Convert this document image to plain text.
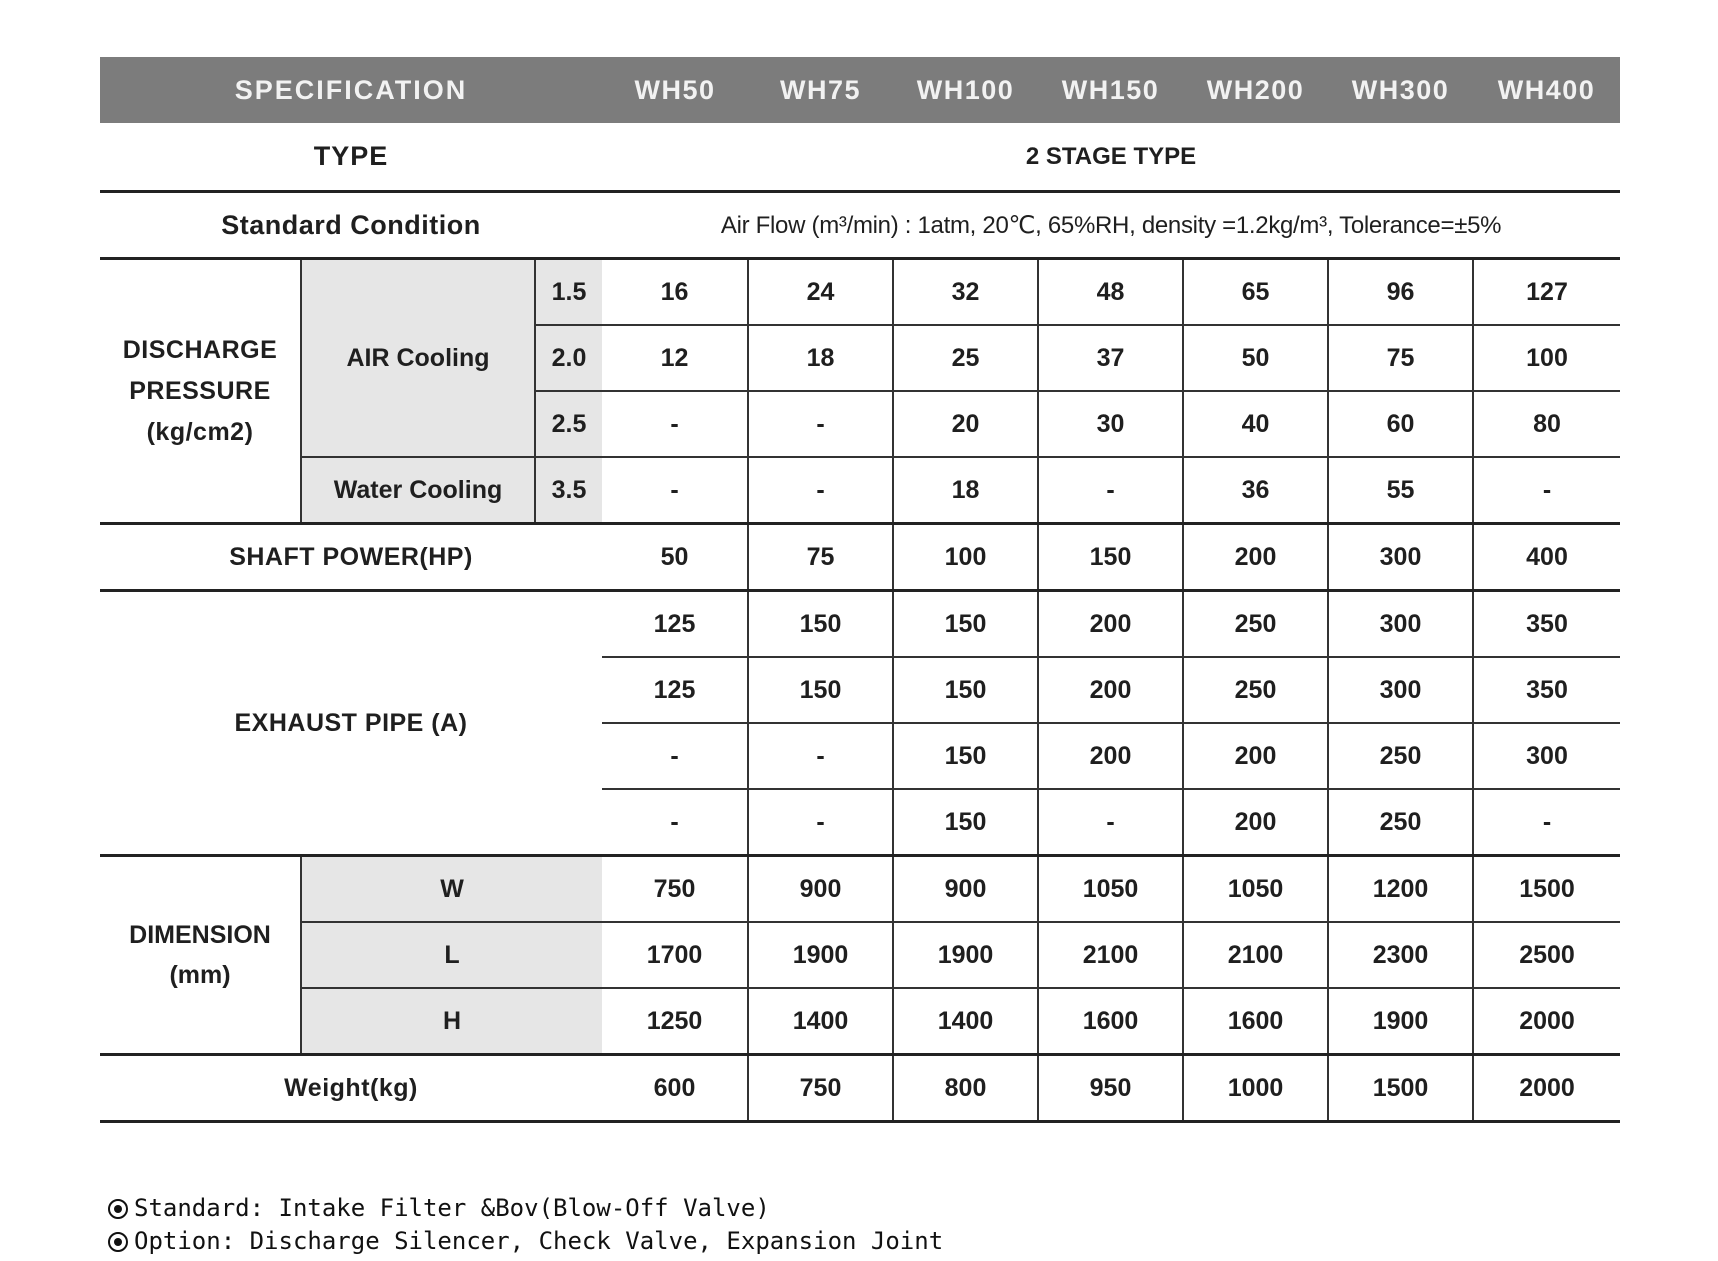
SPECIFICATION			WH50	WH75	WH100	WH150	WH200	WH300	WH400
TYPE			2 STAGE TYPE						
Standard Condition			Air Flow (m³/min) : 1atm, 20℃, 65%RH, density =1.2kg/m³, Tolerance=±5%						

DISCHARGE
PRESSURE
(kg/cm2)	AIR Cooling	1.5	16	24	32	48	65	96	127
		2.0	12	18	25	37	50	75	100
		2.5	-	-	20	30	40	60	80
	Water Cooling	3.5	-	-	18	-	36	55	-
SHAFT POWER(HP)			50	75	100	150	200	300	400
EXHAUST PIPE (A)			125	150	150	200	250	300	350
			125	150	150	200	250	300	350
			-	-	150	200	200	250	300
			-	-	150	-	200	250	-

DIMENSION
(mm)	W		750	900	900	1050	1050	1200	1500
	L		1700	1900	1900	2100	2100	2300	2500
	H		1250	1400	1400	1600	1600	1900	2000
Weight(kg)			600	750	800	950	1000	1500	2000
Standard: Intake Filter &Bov(Blow-Off Valve)
Option: Discharge Silencer, Check Valve, Expansion Joint
